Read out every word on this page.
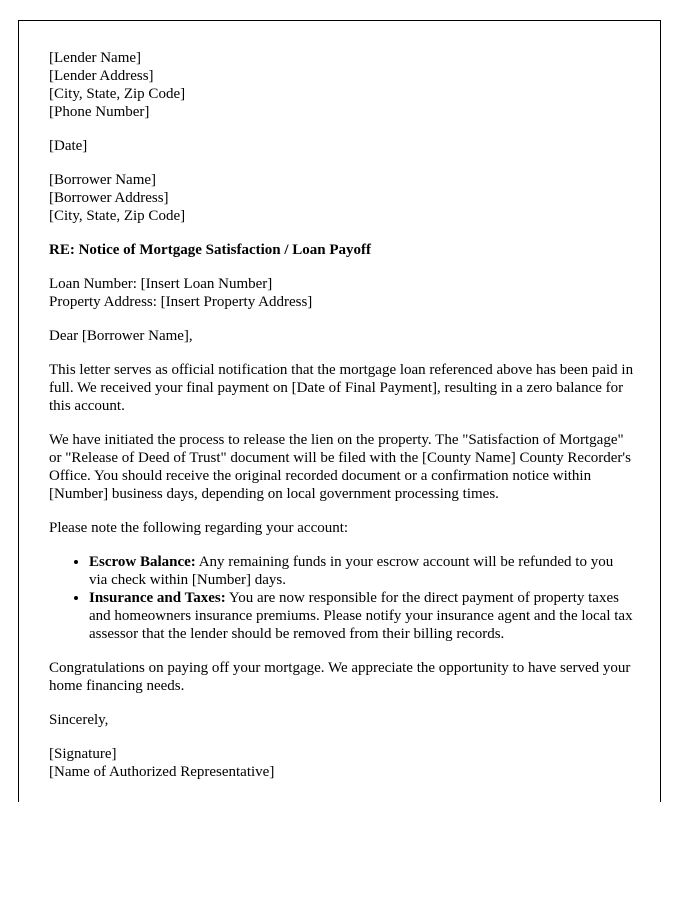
[Lender Name]
[Lender Address]
[City, State, Zip Code]
[Phone Number]
[Date]
[Borrower Name]
[Borrower Address]
[City, State, Zip Code]
RE: Notice of Mortgage Satisfaction / Loan Payoff
Loan Number: [Insert Loan Number]
Property Address: [Insert Property Address]

Dear [Borrower Name],

This letter serves as official notification that the mortgage loan referenced above has been paid in full. We received your final payment on [Date of Final Payment], resulting in a zero balance for this account.

We have initiated the process to release the lien on the property. The "Satisfaction of Mortgage" or "Release of Deed of Trust" document will be filed with the [County Name] County Recorder's Office. You should receive the original recorded document or a confirmation notice within [Number] business days, depending on local government processing times.

Please note the following regarding your account:

• Escrow Balance: Any remaining funds in your escrow account will be refunded to you via check within [Number] days.
• Insurance and Taxes: You are now responsible for the direct payment of property taxes and homeowners insurance premiums. Please notify your insurance agent and the local tax assessor that the lender should be removed from their billing records.

Congratulations on paying off your mortgage. We appreciate the opportunity to have served your home financing needs.

Sincerely,

[Signature]
[Name of Authorized Representative]
